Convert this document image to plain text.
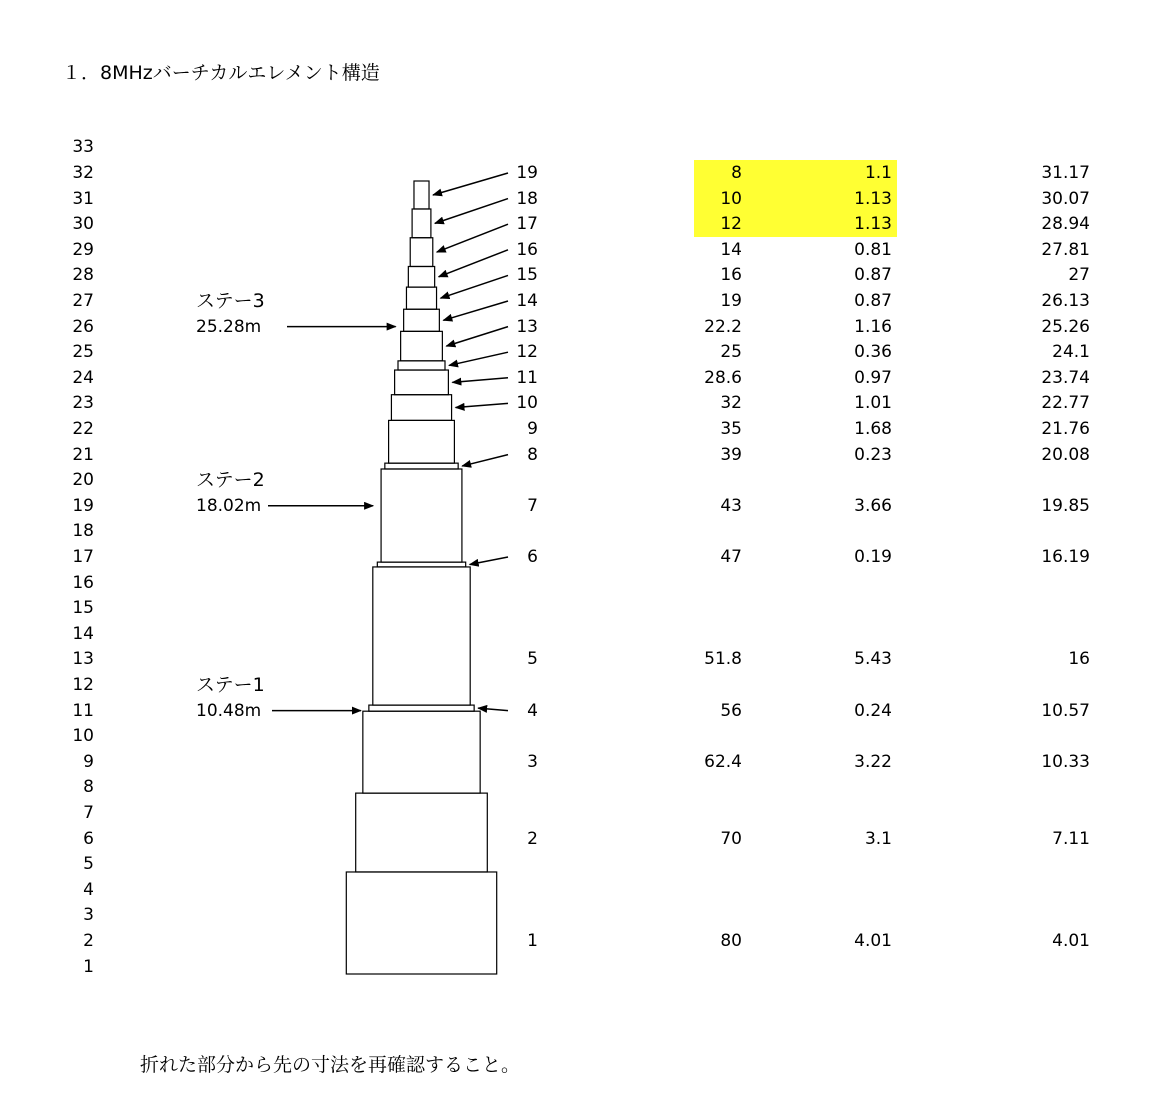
１．8MHzバーチカルエレメント構造
33
32
31
30
29
28
27
26
25
24
23
22
21
20
19
18
17
16
15
14
13
12
11
10
9
8
7
6
5
4
3
2
1
ステー3
25.28m
ステー2
18.02m
ステー1
10.48m
1	80	4.01	4.01
2	70	3.1	7.11
3	62.4	3.22	10.33
4	56	0.24	10.57
5	51.8	5.43	16
6	47	0.19	16.19
7	43	3.66	19.85
8	39	0.23	20.08
9	35	1.68	21.76
10	32	1.01	22.77
11	28.6	0.97	23.74
12	25	0.36	24.1
13	22.2	1.16	25.26
14	19	0.87	26.13
15	16	0.87	27
16	14	0.81	27.81
17	12	1.13	28.94
18	10	1.13	30.07
19	8	1.1	31.17
折れた部分から先の寸法を再確認すること。
